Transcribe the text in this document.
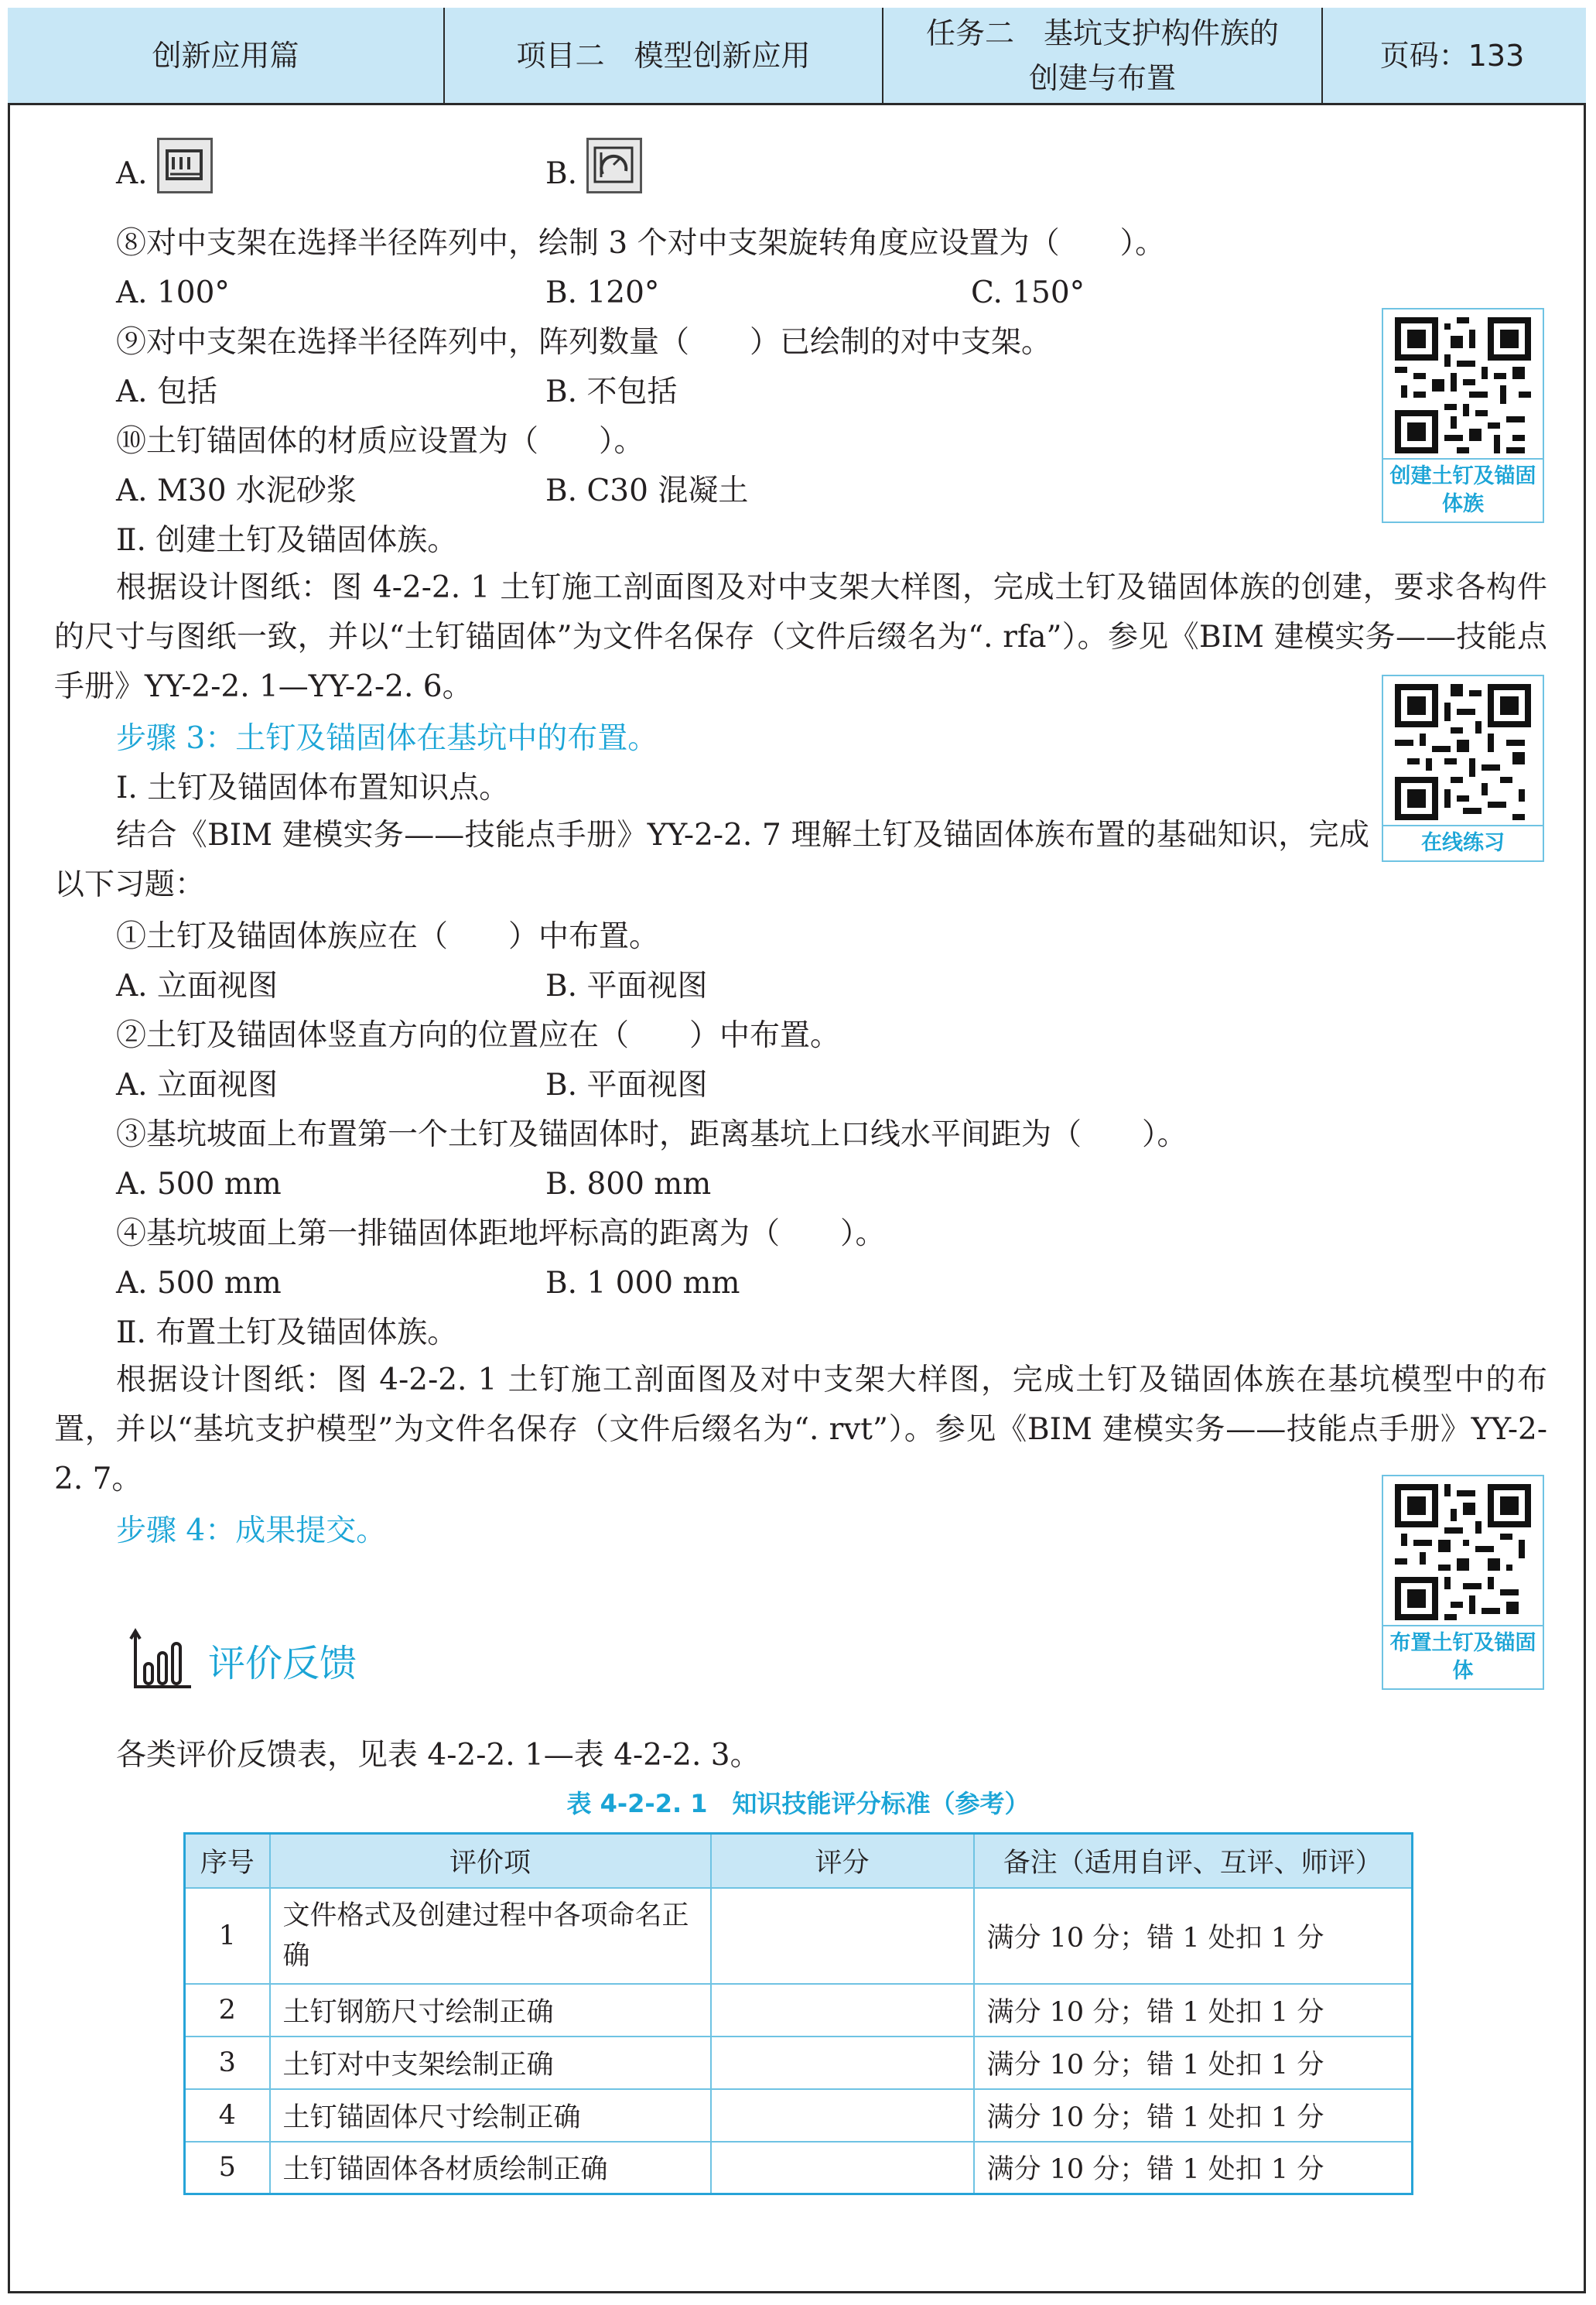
创新应用篇	项目二　模型创新应用
任务二　基坑支护构件族的
创建与布置
页码：133
A.	B.
⑧对中支架在选择半径阵列中，绘制 3 个对中支架旋转角度应设置为（　　）。
A. 100°	B. 120°	C. 150°
⑨对中支架在选择半径阵列中，阵列数量（　　）已绘制的对中支架。
A. 包括	B. 不包括
⑩土钉锚固体的材质应设置为（　　）。
A. M30 水泥砂浆	B. C30 混凝土
Ⅱ. 创建土钉及锚固体族。
根据设计图纸：图 4-2-2. 1 土钉施工剖面图及对中支架大样图，完成土钉及锚固体族的创建，要求各构件的尺寸与图纸一致，并以“土钉锚固体”为文件名保存（文件后缀名为“. rfa”）。参见《BIM 建模实务——技能点手册》YY-2-2. 1—YY-2-2. 6。
步骤 3：土钉及锚固体在基坑中的布置。
Ⅰ. 土钉及锚固体布置知识点。
结合《BIM 建模实务——技能点手册》YY-2-2. 7 理解土钉及锚固体族布置的基础知识，完成以下习题：
①土钉及锚固体族应在（　　）中布置。
A. 立面视图	B. 平面视图
②土钉及锚固体竖直方向的位置应在（　　）中布置。
A. 立面视图	B. 平面视图
③基坑坡面上布置第一个土钉及锚固体时，距离基坑上口线水平间距为（　　）。
A. 500 mm	B. 800 mm
④基坑坡面上第一排锚固体距地坪标高的距离为（　　）。
A. 500 mm	B. 1 000 mm
Ⅱ. 布置土钉及锚固体族。
根据设计图纸：图 4-2-2. 1 土钉施工剖面图及对中支架大样图，完成土钉及锚固体族在基坑模型中的布置，并以“基坑支护模型”为文件名保存（文件后缀名为“. rvt”）。参见《BIM 建模实务——技能点手册》YY-2-2. 7。
步骤 4：成果提交。
创建土钉及锚固体族
在线练习
布置土钉及锚固体
评价反馈
各类评价反馈表，见表 4-2-2. 1—表 4-2-2. 3。
表 4-2-2. 1　知识技能评分标准（参考）
序号	评价项	评分	备注（适用自评、互评、师评）
1	文件格式及创建过程中各项命名正确		满分 10 分；错 1 处扣 1 分
2	土钉钢筋尺寸绘制正确		满分 10 分；错 1 处扣 1 分
3	土钉对中支架绘制正确		满分 10 分；错 1 处扣 1 分
4	土钉锚固体尺寸绘制正确		满分 10 分；错 1 处扣 1 分
5	土钉锚固体各材质绘制正确		满分 10 分；错 1 处扣 1 分
